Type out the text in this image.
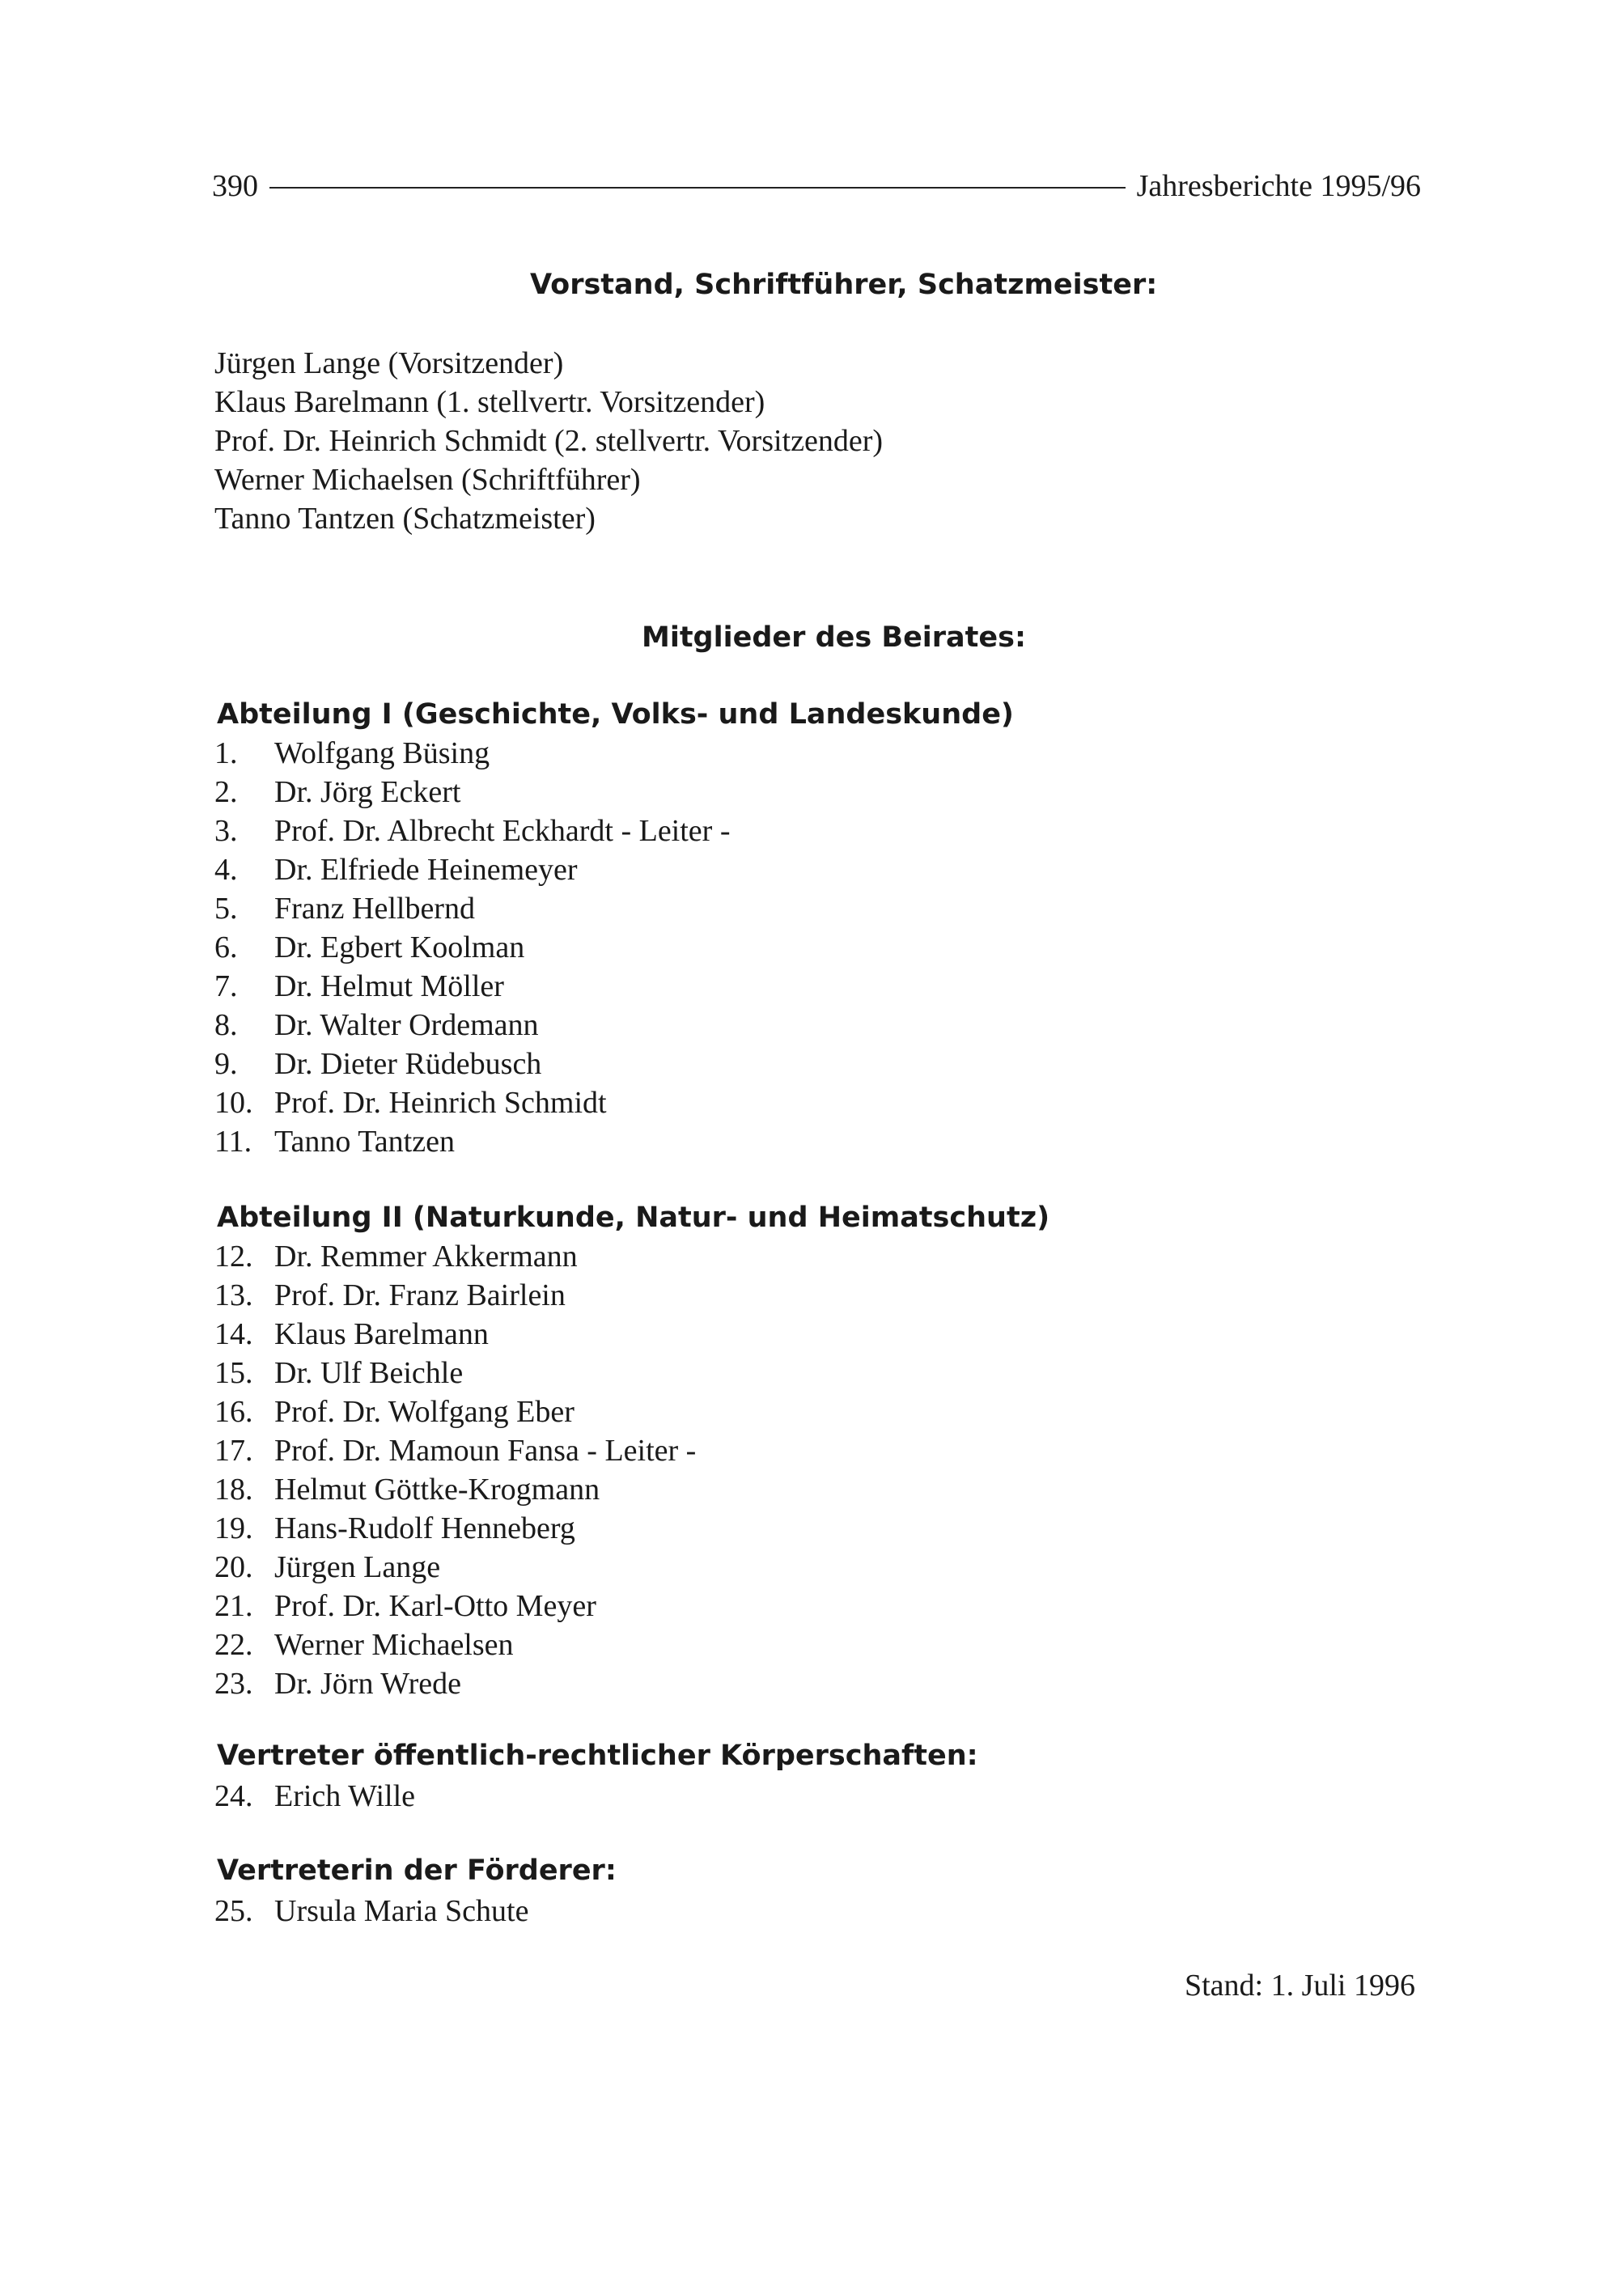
390	Jahresberichte 1995/96
Vorstand, Schriftführer, Schatzmeister:
Jürgen Lange (Vorsitzender)
Klaus Barelmann (1. stellvertr. Vorsitzender)
Prof. Dr. Heinrich Schmidt (2. stellvertr. Vorsitzender)
Werner Michaelsen (Schriftführer)
Tanno Tantzen (Schatzmeister)
Mitglieder des Beirates:
Abteilung I (Geschichte, Volks- und Landeskunde)
1.	Wolfgang Büsing
2.	Dr. Jörg Eckert
3.	Prof. Dr. Albrecht Eckhardt - Leiter -
4.	Dr. Elfriede Heinemeyer
5.	Franz Hellbernd
6.	Dr. Egbert Koolman
7.	Dr. Helmut Möller
8.	Dr. Walter Ordemann
9.	Dr. Dieter Rüdebusch
10. Prof. Dr. Heinrich Schmidt
11. Tanno Tantzen
Abteilung II (Naturkunde, Natur- und Heimatschutz)
12. Dr. Remmer Akkermann
13. Prof. Dr. Franz Bairlein
14. Klaus Barelmann
15. Dr. Ulf Beichle
16. Prof. Dr. Wolfgang Eber
17. Prof. Dr. Mamoun Fansa - Leiter -
18. Helmut Göttke-Krogmann
19. Hans-Rudolf Henneberg
20. Jürgen Lange
21. Prof. Dr. Karl-Otto Meyer
22. Werner Michaelsen
23. Dr. Jörn Wrede
Vertreter öffentlich-rechtlicher Körperschaften:
24. Erich Wille
Vertreterin der Förderer:
25. Ursula Maria Schute
Stand: 1. Juli 1996
